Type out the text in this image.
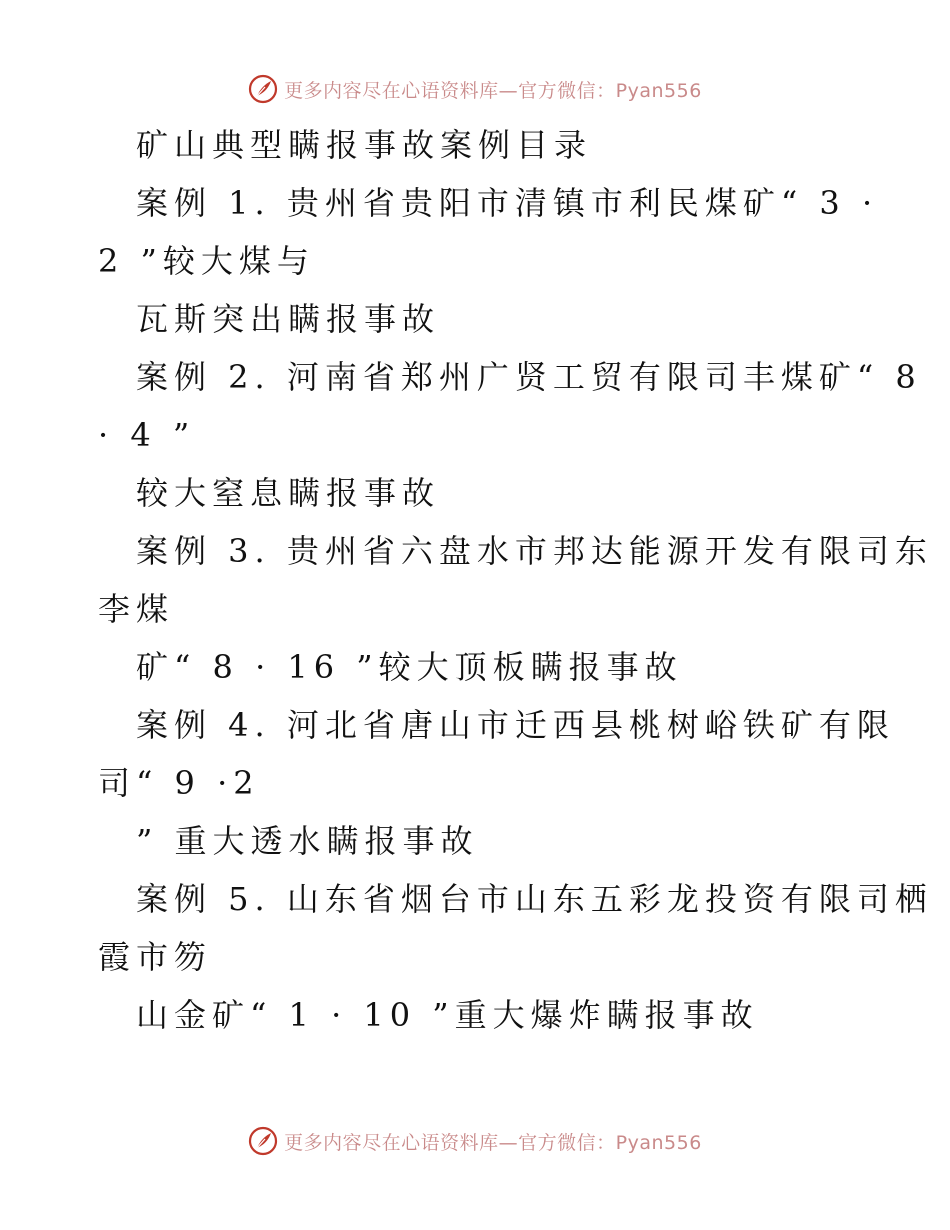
更多内容尽在心语资料库—官方微信：Pyan556
矿山典型瞒报事故案例目录
案例 1. 贵州省贵阳市清镇市利民煤矿“ 3 ·
2 ”较大煤与
瓦斯突出瞒报事故
案例 2. 河南省郑州广贤工贸有限司丰煤矿“ 8
· 4 ”
较大窒息瞒报事故
案例 3. 贵州省六盘水市邦达能源开发有限司东
李煤
矿“ 8 · 16 ”较大顶板瞒报事故
案例 4. 河北省唐山市迁西县桃树峪铁矿有限
司“ 9 ·2
” 重大透水瞒报事故
案例 5. 山东省烟台市山东五彩龙投资有限司栖
霞市笏
山金矿“ 1 · 10 ”重大爆炸瞒报事故
更多内容尽在心语资料库—官方微信：Pyan556
